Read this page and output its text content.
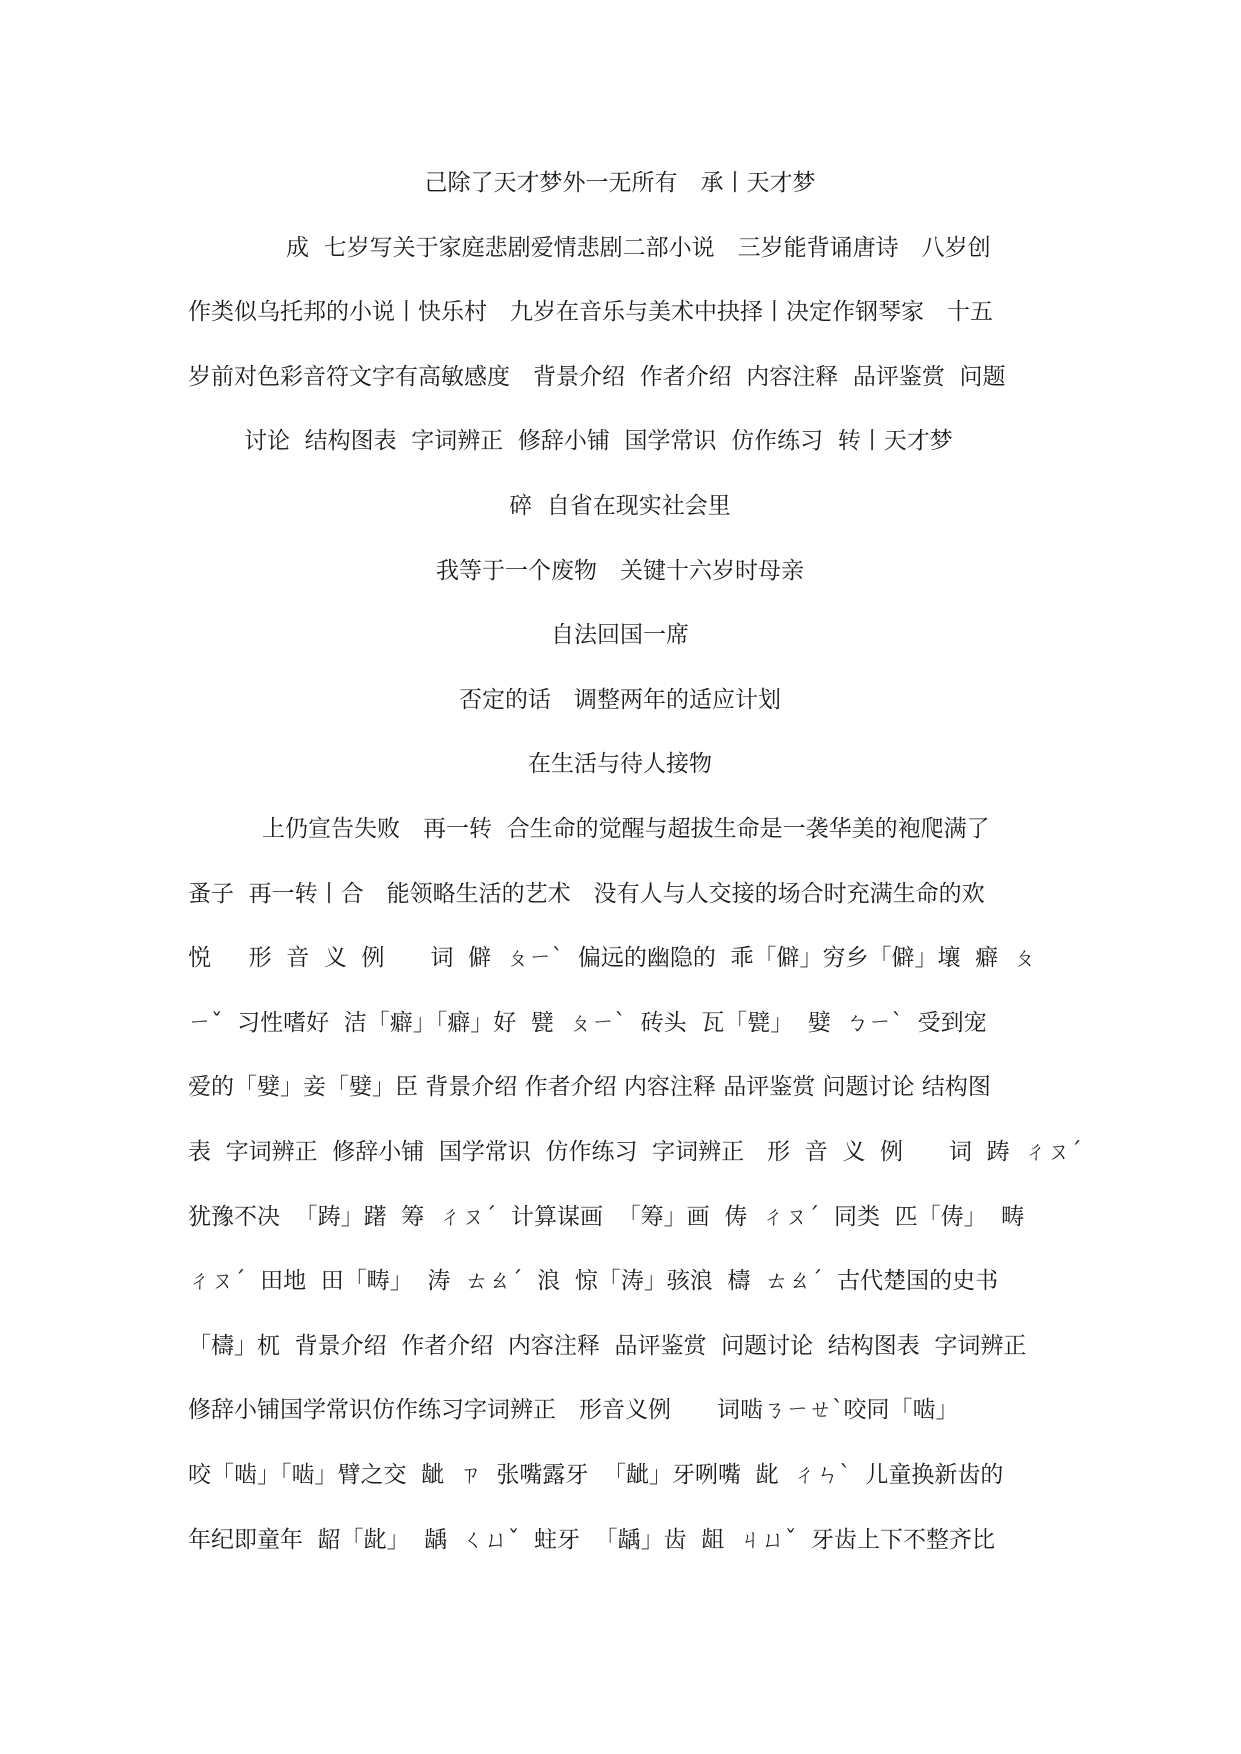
己除了天才梦外一无所有　承丨天才梦
成  七岁写关于家庭悲剧爱情悲剧二部小说　三岁能背诵唐诗　八岁创
作类似乌托邦的小说丨快乐村　九岁在音乐与美术中抉择丨决定作钢琴家　十五
岁前对色彩音符文字有高敏感度　背景介绍  作者介绍  内容注释  品评鉴赏  问题
讨论  结构图表  字词辨正  修辞小铺  国学常识  仿作练习  转丨天才梦
碎  自省在现实社会里
我等于一个废物　关键十六岁时母亲
自法回国一席
否定的话　调整两年的适应计划
在生活与待人接物
上仍宣告失败　再一转  合生命的觉醒与超拔生命是一袭华美的袍爬满了
蚤子  再一转丨合　能领略生活的艺术　没有人与人交接的场合时充满生命的欢
悦　  形  音  义  例　　词  僻  ㄆㄧˋ  偏远的幽隐的  乖「僻」穷乡「僻」壤  癖  ㄆ
ㄧˇ  习性嗜好  洁「癖」「癖」好  甓  ㄆㄧˋ  砖头  瓦「甓」  嬖  ㄅㄧˋ  受到宠
爱的「嬖」妾「嬖」臣 背景介绍 作者介绍 内容注释 品评鉴赏 问题讨论 结构图
表  字词辨正  修辞小铺  国学常识  仿作练习  字词辨正　形  音  义  例　　词  踌  ㄔㄡˊ
犹豫不决  「踌」躇  筹  ㄔㄡˊ  计算谋画  「筹」画  俦  ㄔㄡˊ  同类  匹「俦」  畴
ㄔㄡˊ  田地  田「畴」  涛  ㄊㄠˊ  浪  惊「涛」骇浪  檮  ㄊㄠˊ  古代楚国的史书
「檮」杌  背景介绍  作者介绍  内容注释  品评鉴赏  问题讨论  结构图表  字词辨正
修辞小铺国学常识仿作练习字词辨正　形音义例　　词啮ㄋㄧㄝˋ咬同「啮」
咬「啮」「啮」臂之交  龇  ㄗ  张嘴露牙  「龇」牙咧嘴  龀  ㄔㄣˋ  儿童换新齿的
年纪即童年  龆「龀」  龋  ㄑㄩˇ  蛀牙  「龋」齿  龃  ㄐㄩˇ  牙齿上下不整齐比
